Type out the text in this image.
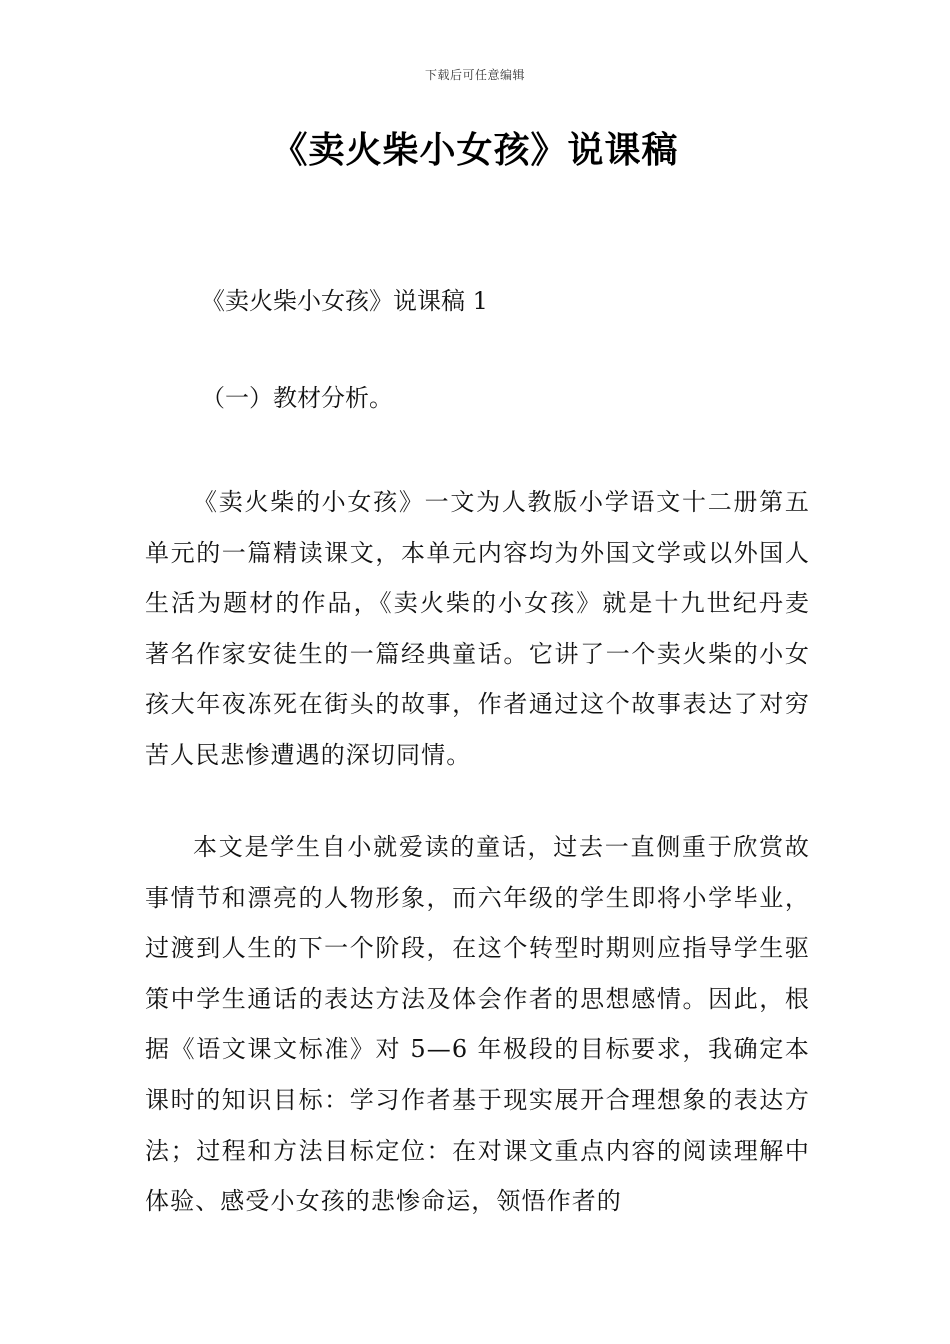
下载后可任意编辑
《卖火柴小女孩》说课稿

《卖火柴小女孩》说课稿 1

（一）教材分析。

《卖火柴的小女孩》一文为人教版小学语文十二册第五单元的一篇精读课文，本单元内容均为外国文学或以外国人生活为题材的作品，《卖火柴的小女孩》就是十九世纪丹麦著名作家安徒生的一篇经典童话。它讲了一个卖火柴的小女孩大年夜冻死在街头的故事，作者通过这个故事表达了对穷苦人民悲惨遭遇的深切同情。

本文是学生自小就爱读的童话，过去一直侧重于欣赏故事情节和漂亮的人物形象，而六年级的学生即将小学毕业，过渡到人生的下一个阶段，在这个转型时期则应指导学生驱策中学生通话的表达方法及体会作者的思想感情。因此，根据《语文课文标准》对 5—6 年极段的目标要求，我确定本课时的知识目标：学习作者基于现实展开合理想象的表达方法；过程和方法目标定位：在对课文重点内容的阅读理解中体验、感受小女孩的悲惨命运，领悟作者的
